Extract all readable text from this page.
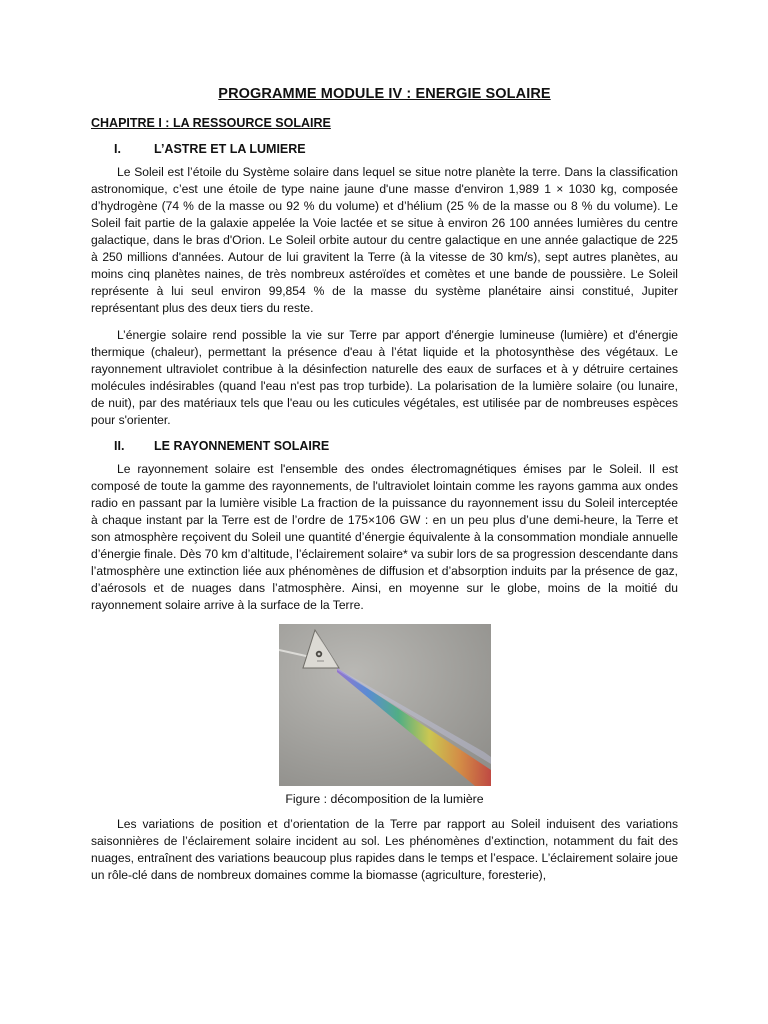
PROGRAMME MODULE IV : ENERGIE SOLAIRE
CHAPITRE I : LA RESSOURCE SOLAIRE
I.	L’ASTRE ET LA LUMIERE

Le Soleil est l’étoile du Système solaire dans lequel se situe notre planète la terre. Dans la classification astronomique, c’est une étoile de type naine jaune d'une masse d'environ 1,989 1 × 1030 kg, composée d’hydrogène (74 % de la masse ou 92 % du volume) et d’hélium (25 % de la masse ou 8 % du volume). Le Soleil fait partie de la galaxie appelée la Voie lactée et se situe à environ 26 100 années lumières du centre galactique, dans le bras d'Orion. Le Soleil orbite autour du centre galactique en une année galactique de 225 à 250 millions d'années. Autour de lui gravitent la Terre (à la vitesse de 30 km/s), sept autres planètes, au moins cinq planètes naines, de très nombreux astéroïdes et comètes et une bande de poussière. Le Soleil représente à lui seul environ 99,854 % de la masse du système planétaire ainsi constitué, Jupiter représentant plus des deux tiers du reste.

L’énergie solaire rend possible la vie sur Terre par apport d'énergie lumineuse (lumière) et d'énergie thermique (chaleur), permettant la présence d'eau à l’état liquide et la photosynthèse des végétaux. Le rayonnement ultraviolet contribue à la désinfection naturelle des eaux de surfaces et à y détruire certaines molécules indésirables (quand l'eau n'est pas trop turbide). La polarisation de la lumière solaire (ou lunaire, de nuit), par des matériaux tels que l'eau ou les cuticules végétales, est utilisée par de nombreuses espèces pour s'orienter.

II.	LE RAYONNEMENT SOLAIRE

Le rayonnement solaire est l'ensemble des ondes électromagnétiques émises par le Soleil. Il est composé de toute la gamme des rayonnements, de l'ultraviolet lointain comme les rayons gamma aux ondes radio en passant par la lumière visible La fraction de la puissance du rayonnement issu du Soleil interceptée à chaque instant par la Terre est de l’ordre de 175×106 GW : en un peu plus d’une demi-heure, la Terre et son atmosphère reçoivent du Soleil une quantité d’énergie équivalente à la consommation mondiale annuelle d’énergie finale. Dès 70 km d’altitude, l’éclairement solaire* va subir lors de sa progression descendante dans l’atmosphère une extinction liée aux phénomènes de diffusion et d’absorption induits par la présence de gaz, d’aérosols et de nuages dans l’atmosphère. Ainsi, en moyenne sur le globe, moins de la moitié du rayonnement solaire arrive à la surface de la Terre.

Figure : décomposition de la lumière

Les variations de position et d’orientation de la Terre par rapport au Soleil induisent des variations saisonnières de l’éclairement solaire incident au sol. Les phénomènes d’extinction, notamment du fait des nuages, entraînent des variations beaucoup plus rapides dans le temps et l’espace. L’éclairement solaire joue un rôle-clé dans de nombreux domaines comme la biomasse (agriculture, foresterie),
